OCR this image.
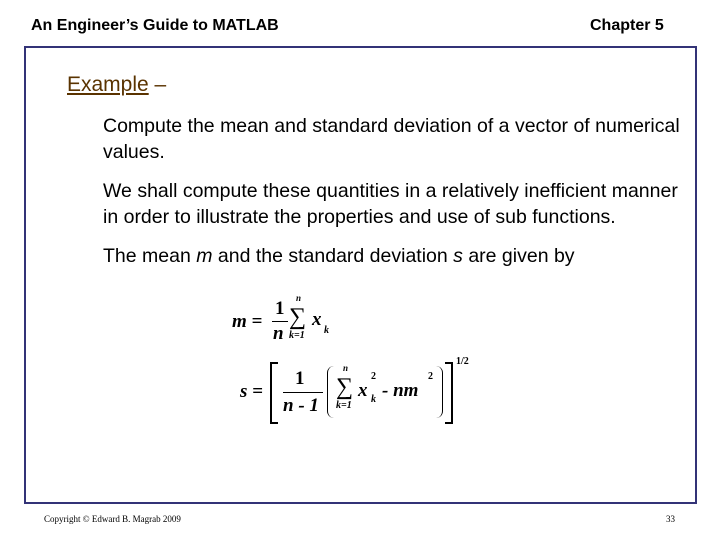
An Engineer’s Guide to MATLAB	Chapter 5
Example –

Compute the mean and standard deviation of a vector of numerical values.

We shall compute these quantities in a relatively inefficient manner in order to illustrate the properties and use of sub functions.

The mean m and the standard deviation s are given by

m =
1
n
n
∑
k=1
x
k
s =
1
n - 1
n
∑
k=1
x
2
k - nm
2
1/2
Copyright © Edward B. Magrab 2009	33
